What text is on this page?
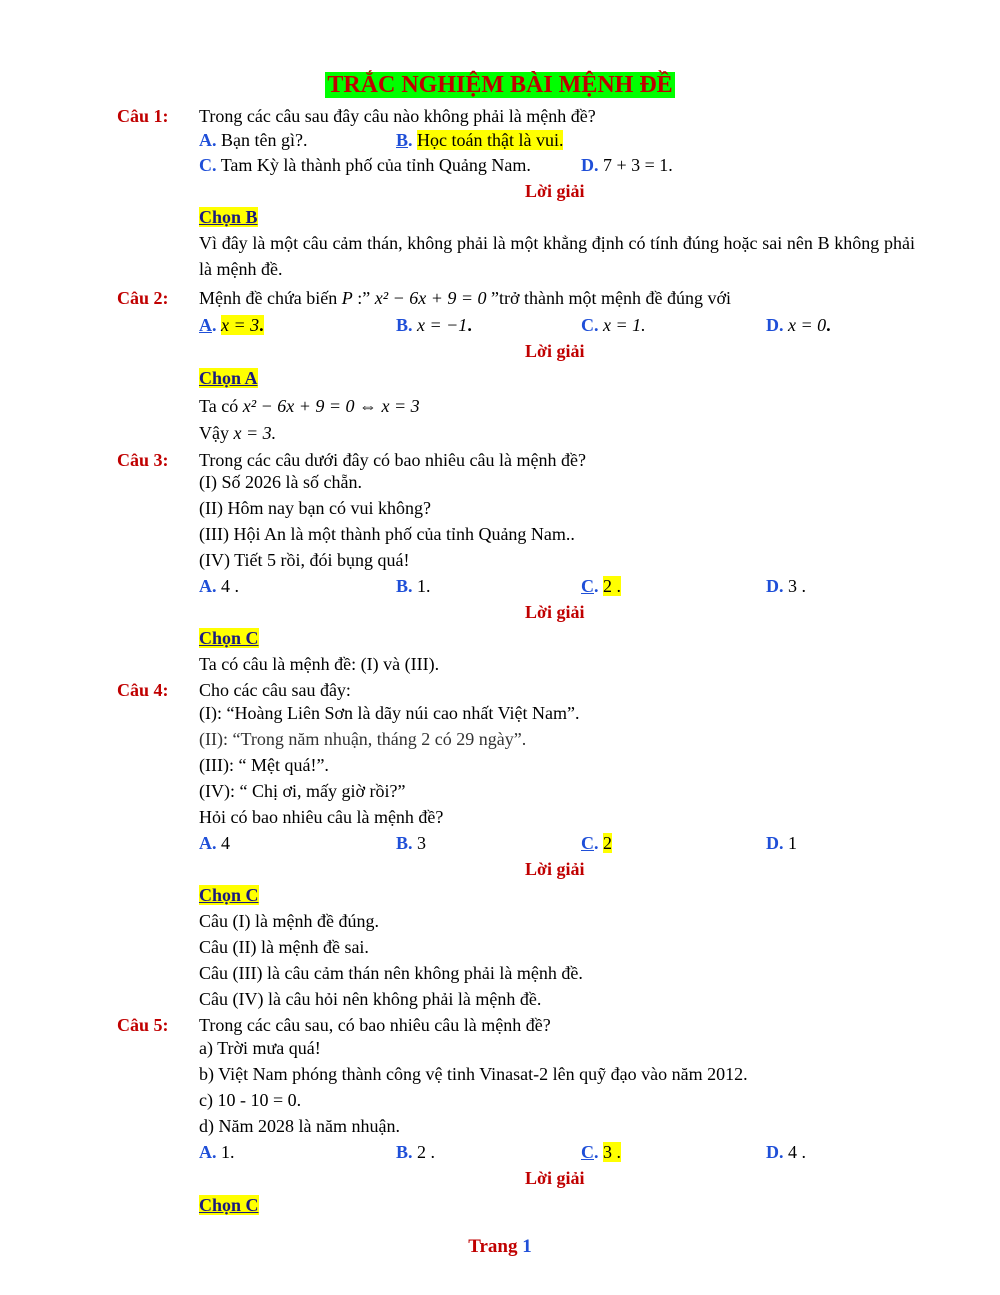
TRẮC NGHIỆM BÀI MỆNH ĐỀ
Câu 1: Trong các câu sau đây câu nào không phải là mệnh đề?
A. Bạn tên gì?.	B. Học toán thật là vui.
C. Tam Kỳ là thành phố của tỉnh Quảng Nam.	D. 7 + 3 = 1.
Lời giải
Chọn B
Vì đây là một câu cảm thán, không phải là một khẳng định có tính đúng hoặc sai nên B không phải là mệnh đề.
Câu 2: Mệnh đề chứa biến P :” x² − 6x + 9 = 0 ”trở thành một mệnh đề đúng với
A. x = 3.	B. x = −1.	C. x = 1.	D. x = 0.
Lời giải
Chọn A
Ta có x² − 6x + 9 = 0 ⇔ x = 3
Vậy x = 3.
Câu 3: Trong các câu dưới đây có bao nhiêu câu là mệnh đề?
(I) Số 2026 là số chẵn.
(II) Hôm nay bạn có vui không?
(III) Hội An là một thành phố của tỉnh Quảng Nam..
(IV) Tiết 5 rồi, đói bụng quá!
A. 4 .	B. 1.	C. 2 .	D. 3 .
Lời giải
Chọn C
Ta có câu là mệnh đề: (I) và (III).
Câu 4: Cho các câu sau đây:
(I): “Hoàng Liên Sơn là dãy núi cao nhất Việt Nam”.
(II): “Trong năm nhuận, tháng 2 có 29 ngày”.
(III): “ Mệt quá!”.
(IV): “ Chị ơi, mấy giờ rồi?”
Hỏi có bao nhiêu câu là mệnh đề?
A. 4	B. 3	C. 2	D. 1
Lời giải
Chọn C
Câu (I) là mệnh đề đúng.
Câu (II) là mệnh đề sai.
Câu (III) là câu cảm thán nên không phải là mệnh đề.
Câu (IV) là câu hỏi nên không phải là mệnh đề.
Câu 5: Trong các câu sau, có bao nhiêu câu là mệnh đề?
a) Trời mưa quá!
b) Việt Nam phóng thành công vệ tinh Vinasat-2 lên quỹ đạo vào năm 2012.
c) 10 - 10 = 0.
d) Năm 2028 là năm nhuận.
A. 1.	B. 2 .	C. 3 .	D. 4 .
Lời giải
Chọn C
Trang 1
